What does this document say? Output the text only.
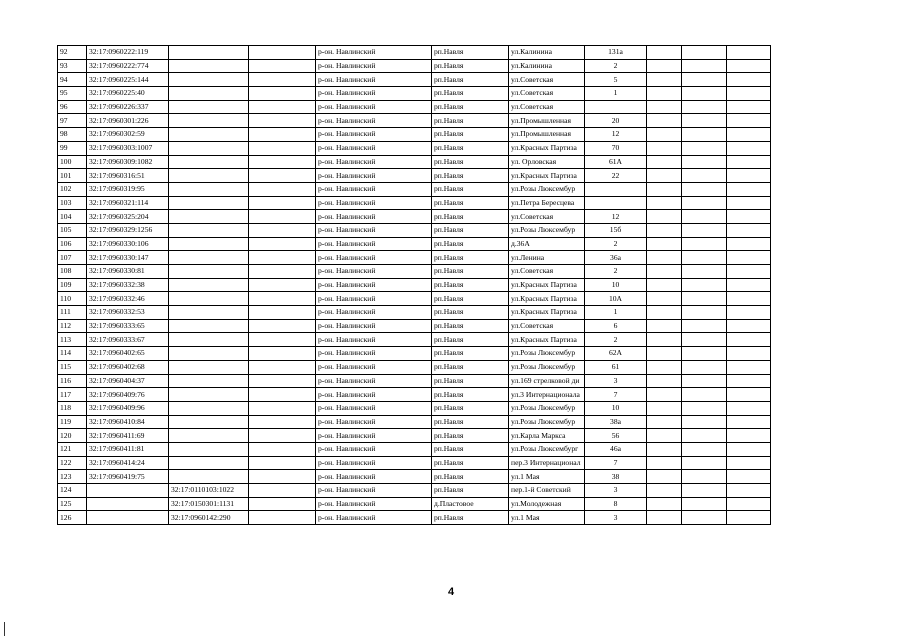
92	32:17:0960222:119			р-он. Навлинский	рп.Навля	ул.Калинина	131а			
93	32:17:0960222:774			р-он. Навлинский	рп.Навля	ул.Калинина	2			
94	32:17:0960225:144			р-он. Навлинский	рп.Навля	ул.Советская	5			
95	32:17:0960225:40			р-он. Навлинский	рп.Навля	ул.Советская	1			
96	32:17:0960226:337			р-он. Навлинский	рп.Навля	ул.Советская				
97	32:17:0960301:226			р-он. Навлинский	рп.Навля	ул.Промышленная	20			
98	32:17:0960302:59			р-он. Навлинский	рп.Навля	ул.Промышленная	12			
99	32:17:0960303:1007			р-он. Навлинский	рп.Навля	ул.Красных Партиза	70			
100	32:17:0960309:1082			р-он. Навлинский	рп.Навля	ул. Орловская	61А			
101	32:17:0960316:51			р-он. Навлинский	рп.Навля	ул.Красных Партиза	22			
102	32:17:0960319:95			р-он. Навлинский	рп.Навля	ул.Розы Люксембур				
103	32:17:0960321:114			р-он. Навлинский	рп.Навля	ул.Петра Бересцева				
104	32:17:0960325:204			р-он. Навлинский	рп.Навля	ул.Советская	12			
105	32:17:0960329:1256			р-он. Навлинский	рп.Навля	ул.Розы Люксембур	15б			
106	32:17:0960330:106			р-он. Навлинский	рп.Навля	д.36А	2			
107	32:17:0960330:147			р-он. Навлинский	рп.Навля	ул.Ленина	36а			
108	32:17:0960330:81			р-он. Навлинский	рп.Навля	ул.Советская	2			
109	32:17:0960332:38			р-он. Навлинский	рп.Навля	ул.Красных Партиза	10			
110	32:17:0960332:46			р-он. Навлинский	рп.Навля	ул.Красных Партиза	10А			
111	32:17:0960332:53			р-он. Навлинский	рп.Навля	ул.Красных Партиза	1			
112	32:17:0960333:65			р-он. Навлинский	рп.Навля	ул.Советская	6			
113	32:17:0960333:67			р-он. Навлинский	рп.Навля	ул.Красных Партиза	2			
114	32:17:0960402:65			р-он. Навлинский	рп.Навля	ул.Розы Люксембур	62А			
115	32:17:0960402:68			р-он. Навлинский	рп.Навля	ул.Розы Люксембур	61			
116	32:17:0960404:37			р-он. Навлинский	рп.Навля	ул.169 стрелковой ди	3			
117	32:17:0960409:76			р-он. Навлинский	рп.Навля	ул.3 Интернационала	7			
118	32:17:0960409:96			р-он. Навлинский	рп.Навля	ул.Розы Люксембур	10			
119	32:17:0960410:84			р-он. Навлинский	рп.Навля	ул.Розы Люксембур	38а			
120	32:17:0960411:69			р-он. Навлинский	рп.Навля	ул.Карла Маркса	56			
121	32:17:0960411:81			р-он. Навлинский	рп.Навля	ул.Розы Люксембург	46а			
122	32:17:0960414:24			р-он. Навлинский	рп.Навля	пер.3 Интернационал	7			
123	32:17:0960419:75			р-он. Навлинский	рп.Навля	ул.1 Мая	38			
124		32:17:0110103:1022		р-он. Навлинский	рп.Навля	пер.1-й Советский	3			
125		32:17:0150301:1131		р-он. Навлинский	д.Пластовое	ул.Молодежная	8			
126		32:17:0960142:290		р-он. Навлинский	рп.Навля	ул.1 Мая	3			
4
